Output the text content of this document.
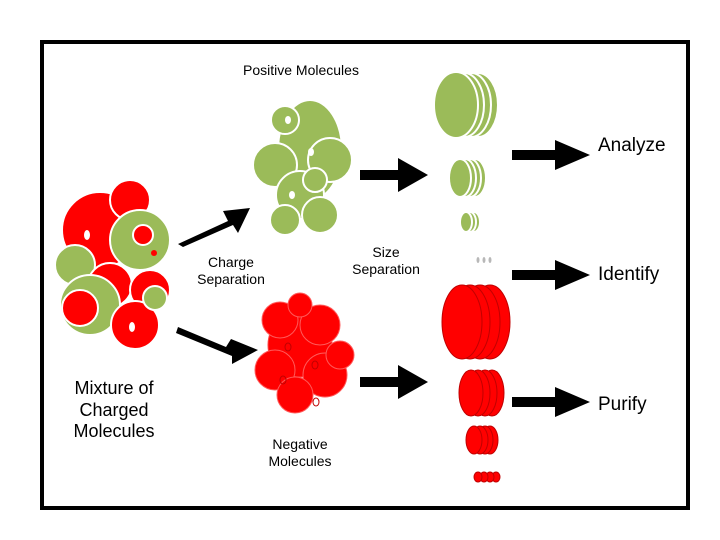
Positive Molecules
Charge
Separation
Size
Separation
Mixture of
Charged
Molecules
Negative
Molecules
Analyze
Identify
Purify
